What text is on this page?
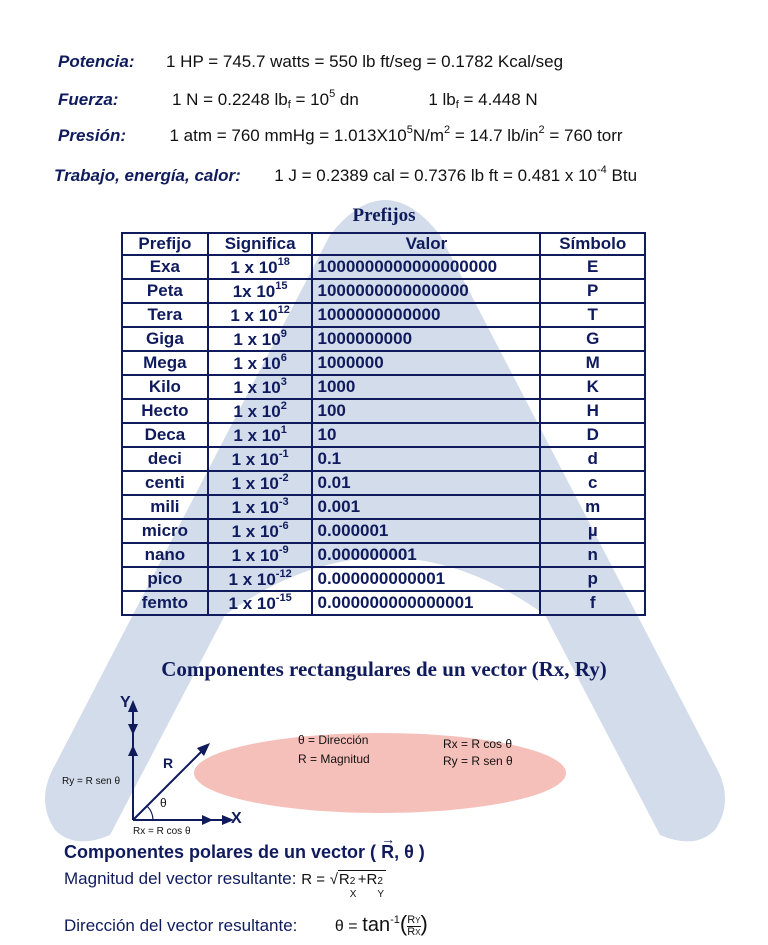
Potencia: 1 HP = 745.7 watts = 550 lb ft/seg = 0.1782 Kcal/seg
Fuerza:	1 N = 0.2248 $lb_f = 10^5$ dn	1 $lb_f = 4.448$ N
Presión:	1 atm = 760 mmHg = $1.013X10^5N/m^2 = 14.7$ $lb/in^2 = 760$ torr
Trabajo, energía, calor: 1 J = 0.2389 cal = 0.7376 lb ft = 0.481 x $10^{-4}$ Btu
Prefijos
Prefijo	Significa	Valor	Símbolo
Exa	1 x $10^{18}$	1000000000000000000	E
Peta	1x $10^{15}$	1000000000000000	P
Tera	1 x $10^{12}$	1000000000000	T
Giga	1 x $10^9$	1000000000	G
Mega	1 x $10^6$	1000000	M
Kilo	1 x $10^3$	1000	K
Hecto	1 x $10^2$	100	H
Deca	1 x $10^1$	10	D
deci	1 x $10^{-1}$	0.1	d
centi	1 x $10^{-2}$	0.01	c
mili	1 x $10^{-3}$	0.001	m
micro	1 x $10^{-6}$	0.000001	µ
nano	1 x $10^{-9}$	0.000000001	n
pico	1 x $10^{-12}$	0.000000000001	p
femto	1 x $10^{-15}$	0.000000000000001	f
Componentes rectangulares de un vector (Rx, Ry)
Y
X
R
θ
Ry = R sen θ
Rx = R cos θ
θ = Dirección
R = Magnitud
Rx = R cos θ
Ry = R sen θ
Componentes polares de un vector (
→
R, θ )
Magnitud del vector resultante: R = √R 2
X
+R 2
Y
Dirección del vector resultante: $\theta = \tan^{-1}( \frac{RY}{RX}$ )
